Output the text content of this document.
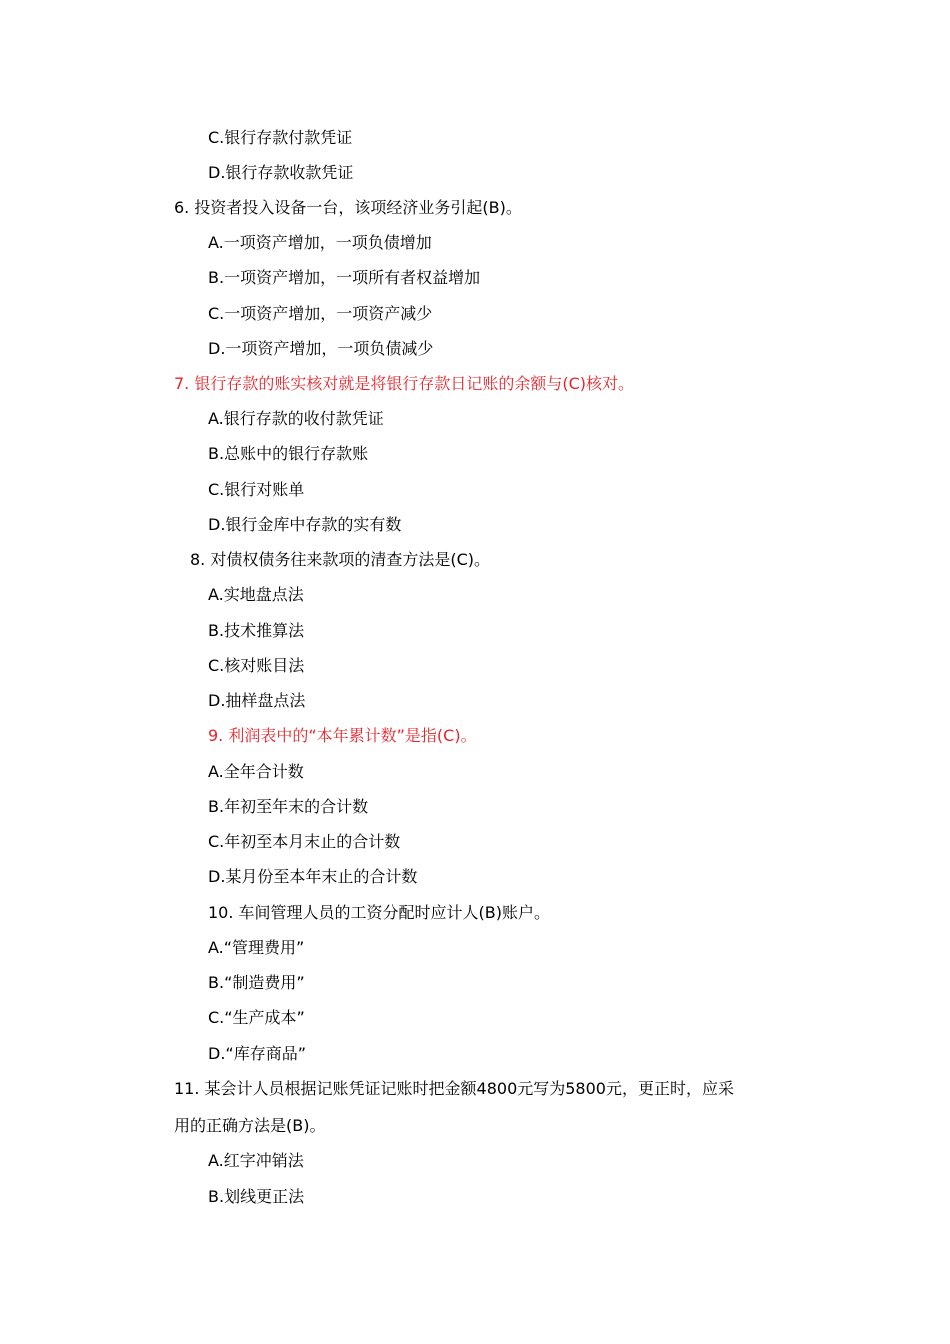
C.银行存款付款凭证
D.银行存款收款凭证
6. 投资者投入设备一台，该项经济业务引起(B)。
A.一项资产增加，一项负债增加
B.一项资产增加，一项所有者权益增加
C.一项资产增加，一项资产减少
D.一项资产增加，一项负债减少
7. 银行存款的账实核对就是将银行存款日记账的余额与(C)核对。
A.银行存款的收付款凭证
B.总账中的银行存款账
C.银行对账单
D.银行金库中存款的实有数
8. 对债权债务往来款项的清查方法是(C)。
A.实地盘点法
B.技术推算法
C.核对账目法
D.抽样盘点法
9. 利润表中的“本年累计数”是指(C)。
A.全年合计数
B.年初至年末的合计数
C.年初至本月末止的合计数
D.某月份至本年末止的合计数
10. 车间管理人员的工资分配时应计人(B)账户。
A.“管理费用”
B.“制造费用”
C.“生产成本”
D.“库存商品”
11. 某会计人员根据记账凭证记账时把金额4800元写为5800元，更正时，应采
用的正确方法是(B)。
A.红字冲销法
B.划线更正法
